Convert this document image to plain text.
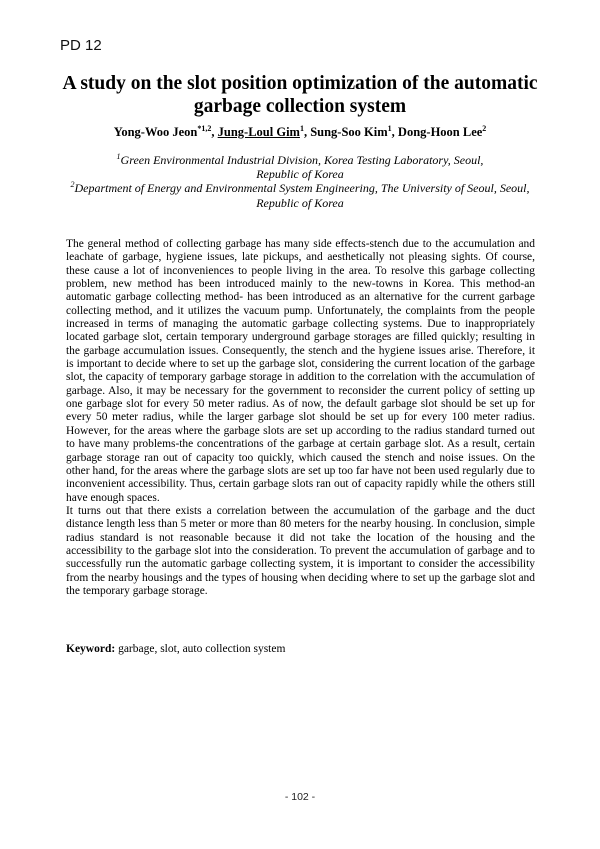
PD 12
A study on the slot position optimization of the automatic
garbage collection system
Yong-Woo Jeon$^{*1,2}$, Jung-Loul Gim$^1$, Sung-Soo Kim$^1$, Dong-Hoon Lee$^2$

$^1$Green Environmental Industrial Division, Korea Testing Laboratory, Seoul,
Republic of Korea

$^2$Department of Energy and Environmental System Engineering, The University of Seoul, Seoul,
Republic of Korea

The general method of collecting garbage has many side effects-stench due to the accumulation and leachate of garbage, hygiene issues, late pickups, and aesthetically not pleasing sights. Of course, these cause a lot of inconveniences to people living in the area. To resolve this garbage collecting problem, new method has been introduced mainly to the new-towns in Korea. This method-an automatic garbage collecting method- has been introduced as an alternative for the current garbage collecting method, and it utilizes the vacuum pump. Unfortunately, the complaints from the people increased in terms of managing the automatic garbage collecting systems. Due to inappropriately located garbage slot, certain temporary underground garbage storages are filled quickly; resulting in the garbage accumulation issues. Consequently, the stench and the hygiene issues arise. Therefore, it is important to decide where to set up the garbage slot, considering the current location of the garbage slot, the capacity of temporary garbage storage in addition to the correlation with the accumulation of garbage. Also, it may be necessary for the government to reconsider the current policy of setting up one garbage slot for every 50 meter radius. As of now, the default garbage slot should be set up for every 50 meter radius, while the larger garbage slot should be set up for every 100 meter radius. However, for the areas where the garbage slots are set up according to the radius standard turned out to have many problems-the concentrations of the garbage at certain garbage slot. As a result, certain garbage storage ran out of capacity too quickly, which caused the stench and noise issues. On the other hand, for the areas where the garbage slots are set up too far have not been used regularly due to inconvenient accessibility. Thus, certain garbage slots ran out of capacity rapidly while the others still have enough spaces.

It turns out that there exists a correlation between the accumulation of the garbage and the duct distance length less than 5 meter or more than 80 meters for the nearby housing. In conclusion, simple radius standard is not reasonable because it did not take the location of the housing and the accessibility to the garbage slot into the consideration. To prevent the accumulation of garbage and to successfully run the automatic garbage collecting system, it is important to consider the accessibility from the nearby housings and the types of housing when deciding where to set up the garbage slot and the temporary garbage storage.

Keyword: garbage, slot, auto collection system
- 102 -
